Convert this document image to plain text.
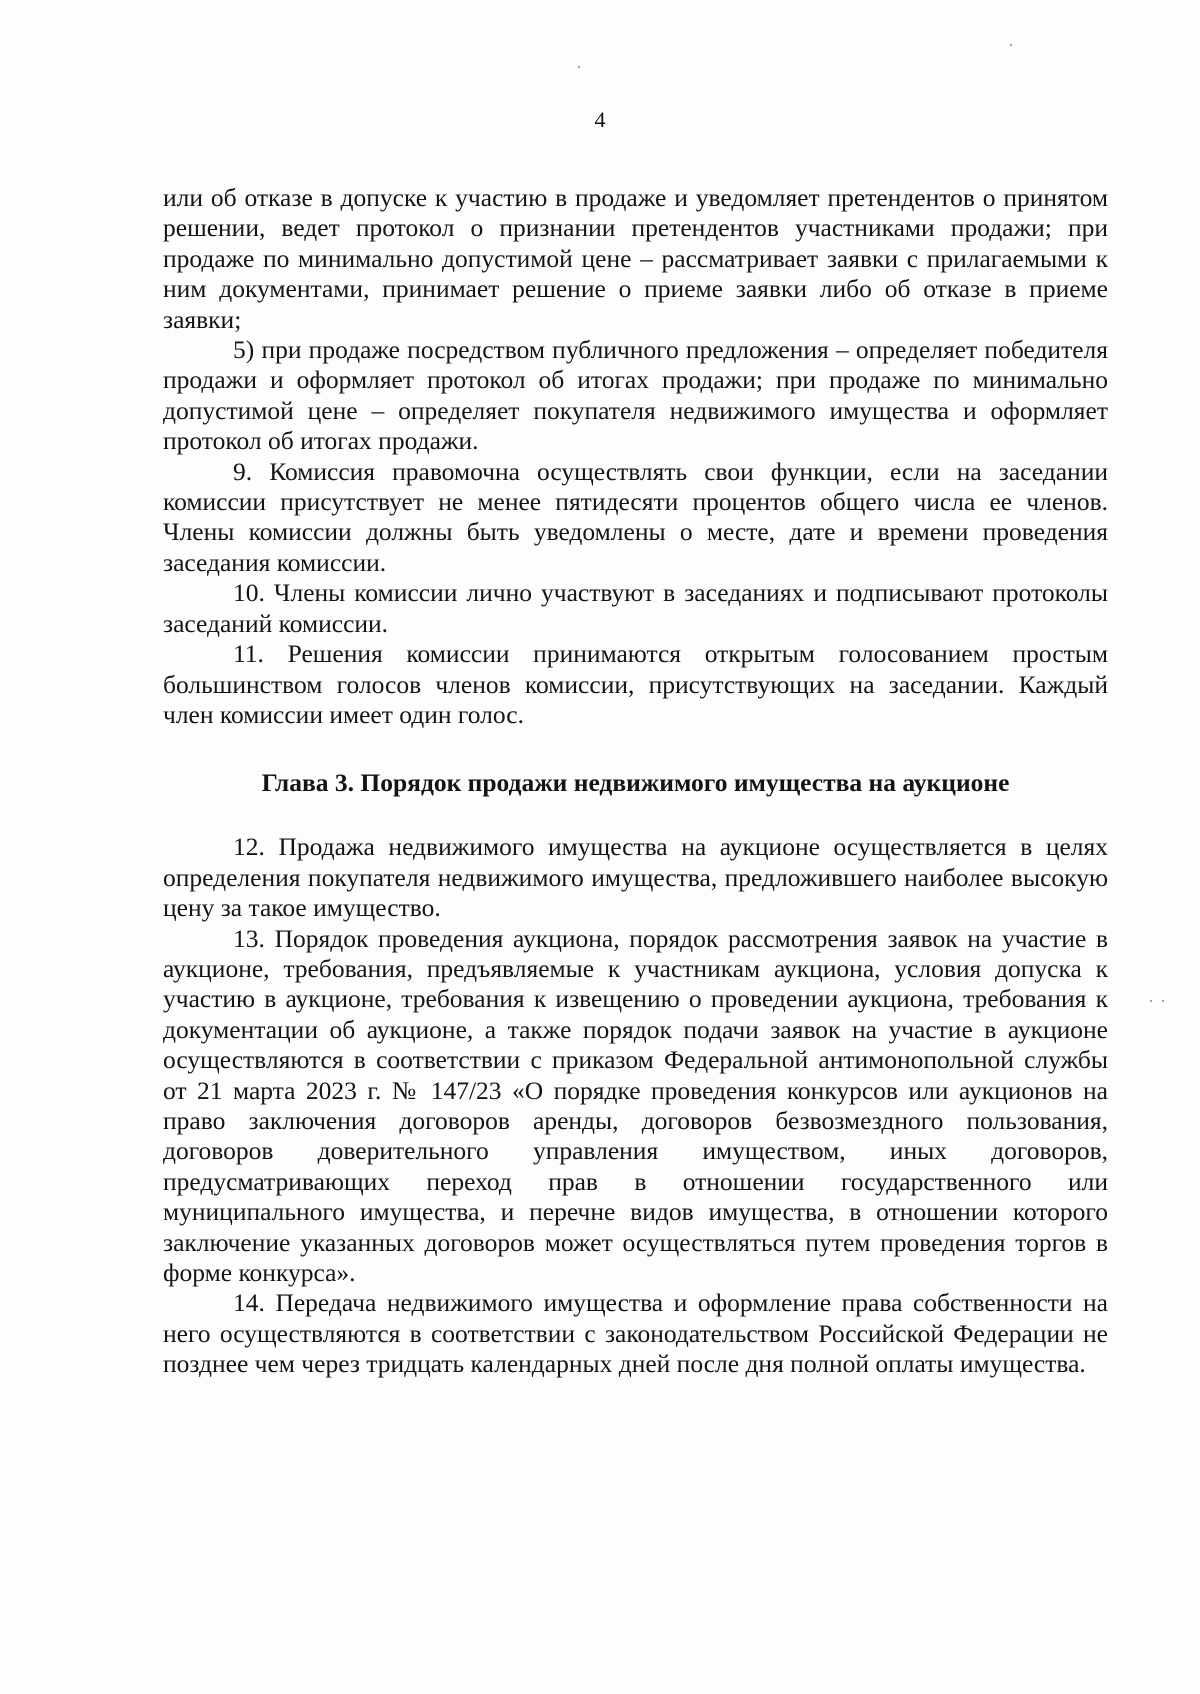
4

или об отказе в допуске к участию в продаже и уведомляет претендентов о принятом решении, ведет протокол о признании претендентов участниками продажи; при продаже по минимально допустимой цене – рассматривает заявки с прилагаемыми к ним документами, принимает решение о приеме заявки либо об отказе в приеме заявки;

5) при продаже посредством публичного предложения – определяет победителя продажи и оформляет протокол об итогах продажи; при продаже по минимально допустимой цене – определяет покупателя недвижимого имущества и оформляет протокол об итогах продажи.

9. Комиссия правомочна осуществлять свои функции, если на заседании комиссии присутствует не менее пятидесяти процентов общего числа ее членов. Члены комиссии должны быть уведомлены о месте, дате и времени проведения заседания комиссии.

10. Члены комиссии лично участвуют в заседаниях и подписывают протоколы заседаний комиссии.

11. Решения комиссии принимаются открытым голосованием простым большинством голосов членов комиссии, присутствующих на заседании. Каждый член комиссии имеет один голос.

Глава 3. Порядок продажи недвижимого имущества на аукционе

12. Продажа недвижимого имущества на аукционе осуществляется в целях определения покупателя недвижимого имущества, предложившего наиболее высокую цену за такое имущество.

13. Порядок проведения аукциона, порядок рассмотрения заявок на участие в аукционе, требования, предъявляемые к участникам аукциона, условия допуска к участию в аукционе, требования к извещению о проведении аукциона, требования к документации об аукционе, а также порядок подачи заявок на участие в аукционе осуществляются в соответствии с приказом Федеральной антимонопольной службы от 21 марта 2023 г. № 147/23 «О порядке проведения конкурсов или аукционов на право заключения договоров аренды, договоров безвозмездного пользования, договоров доверительного управления имуществом, иных договоров, предусматривающих переход прав в отношении государственного или муниципального имущества, и перечне видов имущества, в отношении которого заключение указанных договоров может осуществляться путем проведения торгов в форме конкурса».

14. Передача недвижимого имущества и оформление права собственности на него осуществляются в соответствии с законодательством Российской Федерации не позднее чем через тридцать календарных дней после дня полной оплаты имущества.
